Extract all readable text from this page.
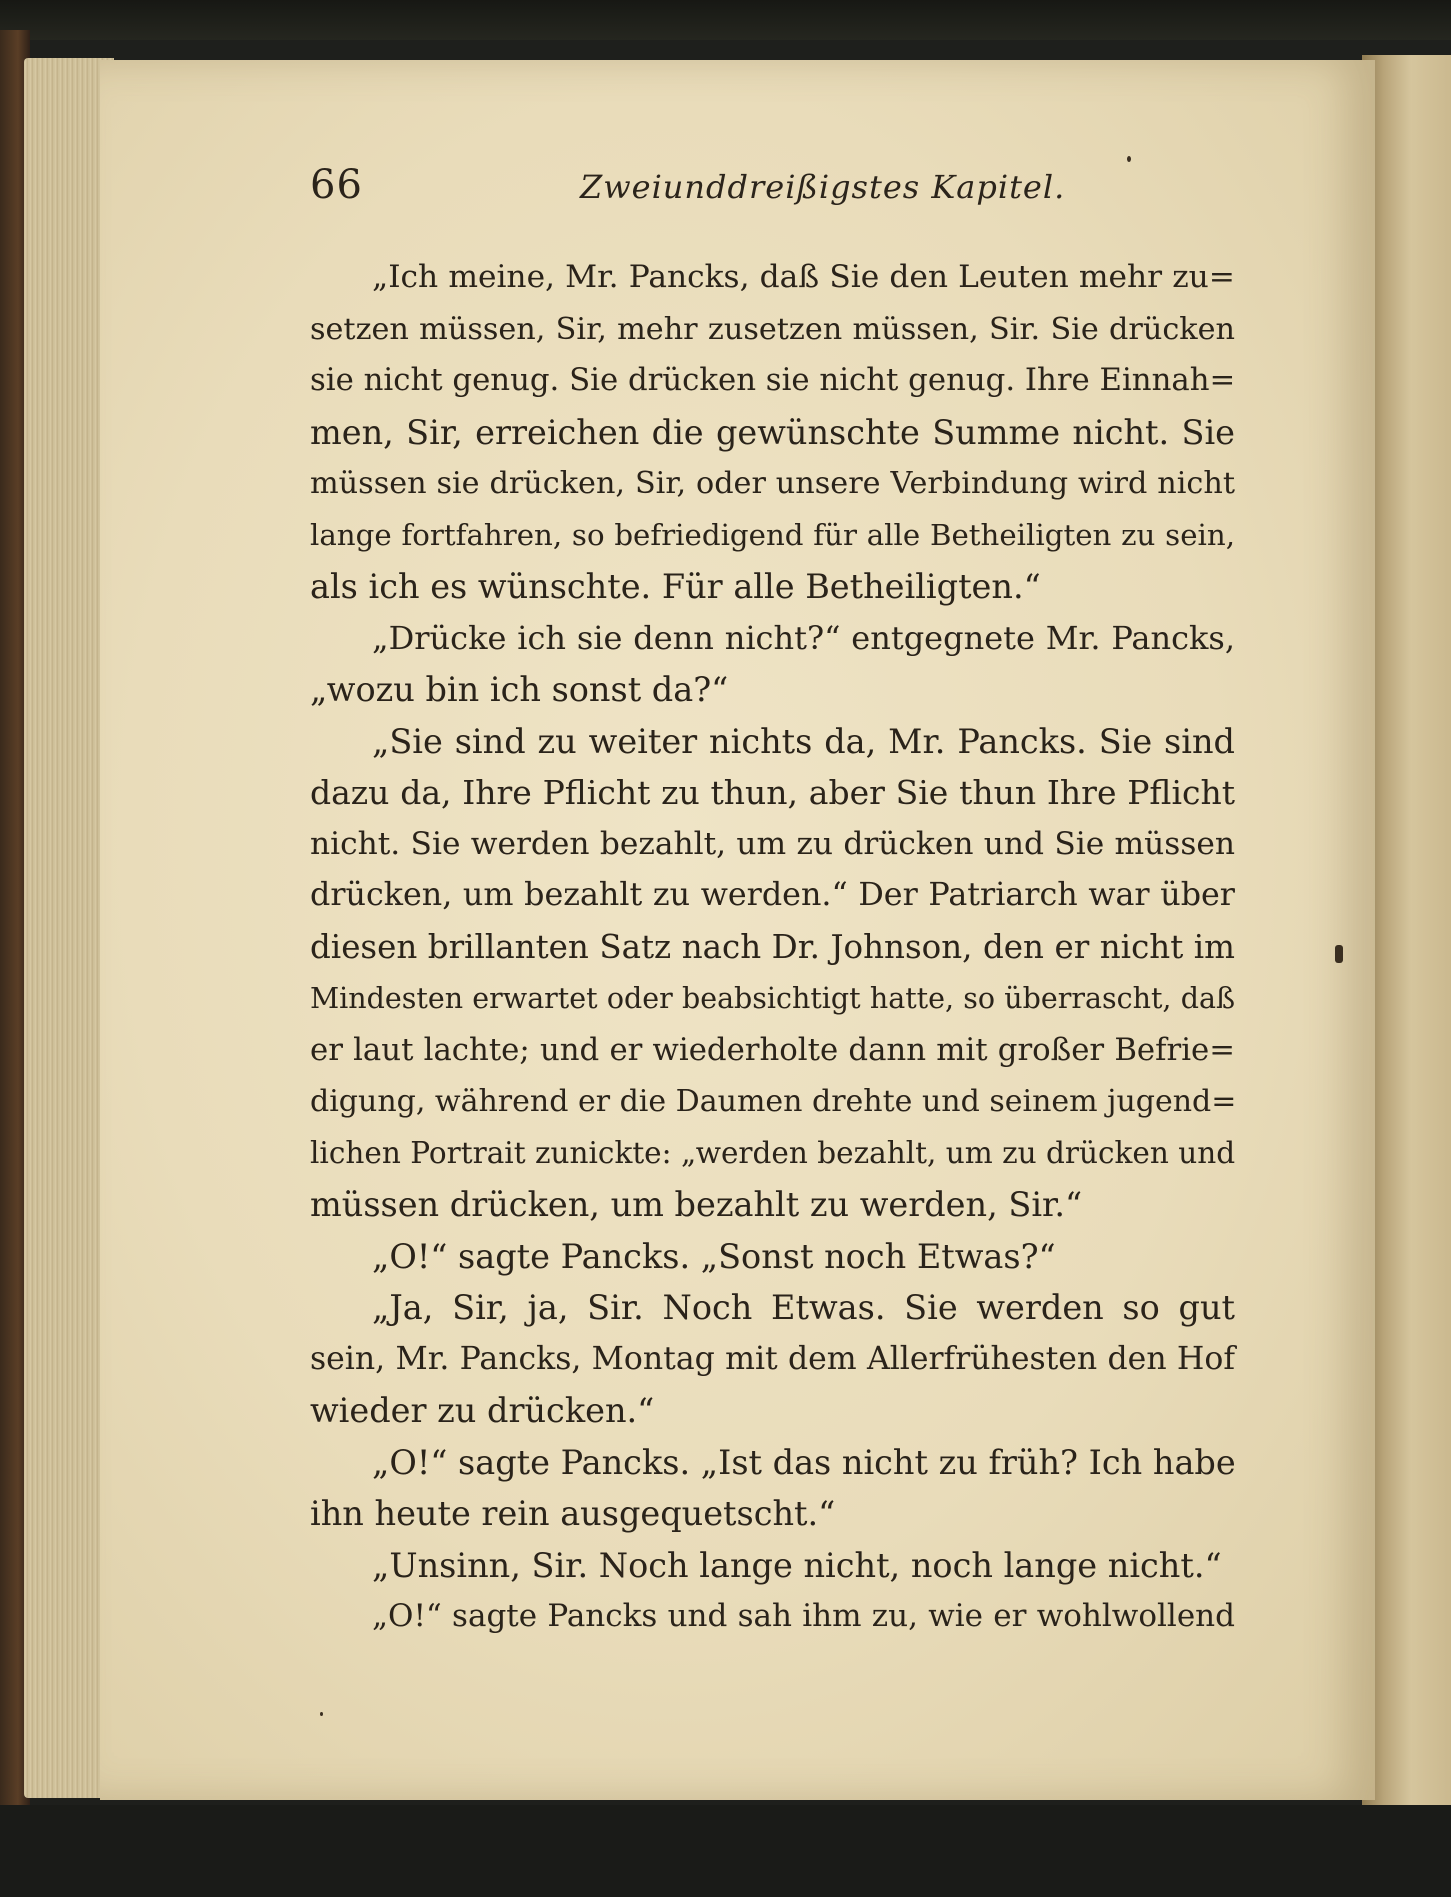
66	Zweiunddreißigstes Kapitel.

„Ich meine, Mr. Pancks, daß Sie den Leuten mehr zu=
setzen müssen, Sir, mehr zusetzen müssen, Sir. Sie drücken
sie nicht genug. Sie drücken sie nicht genug. Ihre Einnah=
men, Sir, erreichen die gewünschte Summe nicht. Sie
müssen sie drücken, Sir, oder unsere Verbindung wird nicht
lange fortfahren, so befriedigend für alle Betheiligten zu sein,
als ich es wünschte. Für alle Betheiligten.“

„Drücke ich sie denn nicht?“ entgegnete Mr. Pancks,
„wozu bin ich sonst da?“

„Sie sind zu weiter nichts da, Mr. Pancks. Sie sind
dazu da, Ihre Pflicht zu thun, aber Sie thun Ihre Pflicht
nicht. Sie werden bezahlt, um zu drücken und Sie müssen
drücken, um bezahlt zu werden.“ Der Patriarch war über
diesen brillanten Satz nach Dr. Johnson, den er nicht im
Mindesten erwartet oder beabsichtigt hatte, so überrascht, daß
er laut lachte; und er wiederholte dann mit großer Befrie=
digung, während er die Daumen drehte und seinem jugend=
lichen Portrait zunickte: „werden bezahlt, um zu drücken und
müssen drücken, um bezahlt zu werden, Sir.“

„O!“ sagte Pancks. „Sonst noch Etwas?“

„Ja, Sir, ja, Sir. Noch Etwas. Sie werden so gut
sein, Mr. Pancks, Montag mit dem Allerfrühesten den Hof
wieder zu drücken.“

„O!“ sagte Pancks. „Ist das nicht zu früh? Ich habe
ihn heute rein ausgequetscht.“

„Unsinn, Sir. Noch lange nicht, noch lange nicht.“

„O!“ sagte Pancks und sah ihm zu, wie er wohlwollend
